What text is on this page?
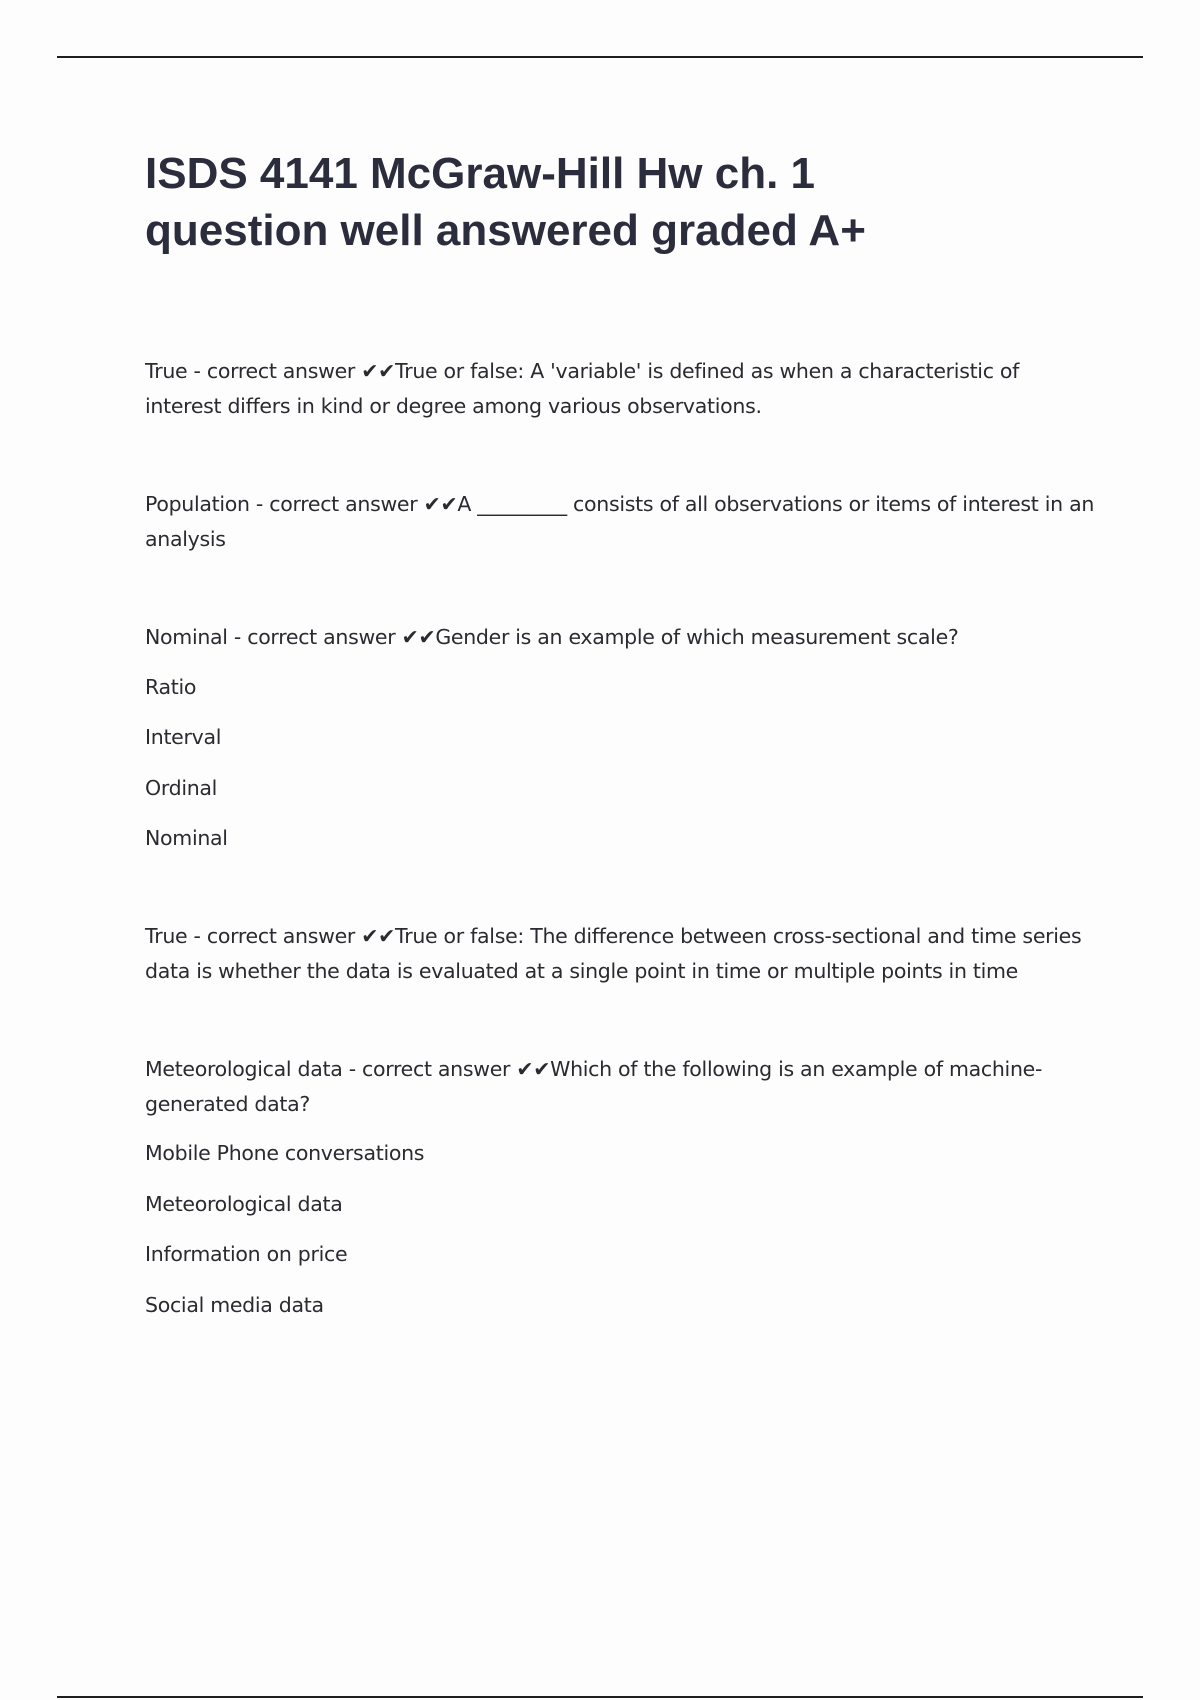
ISDS 4141 McGraw-Hill Hw ch. 1
question well answered graded A+

True - correct answer ✔✔True or false: A 'variable' is defined as when a characteristic of interest differs in kind or degree among various observations.

Population - correct answer ✔✔A _________ consists of all observations or items of interest in an analysis

Nominal - correct answer ✔✔Gender is an example of which measurement scale?

Ratio

Interval

Ordinal

Nominal

True - correct answer ✔✔True or false: The difference between cross-sectional and time series data is whether the data is evaluated at a single point in time or multiple points in time

Meteorological data - correct answer ✔✔Which of the following is an example of machine-generated data?

Mobile Phone conversations

Meteorological data

Information on price

Social media data
